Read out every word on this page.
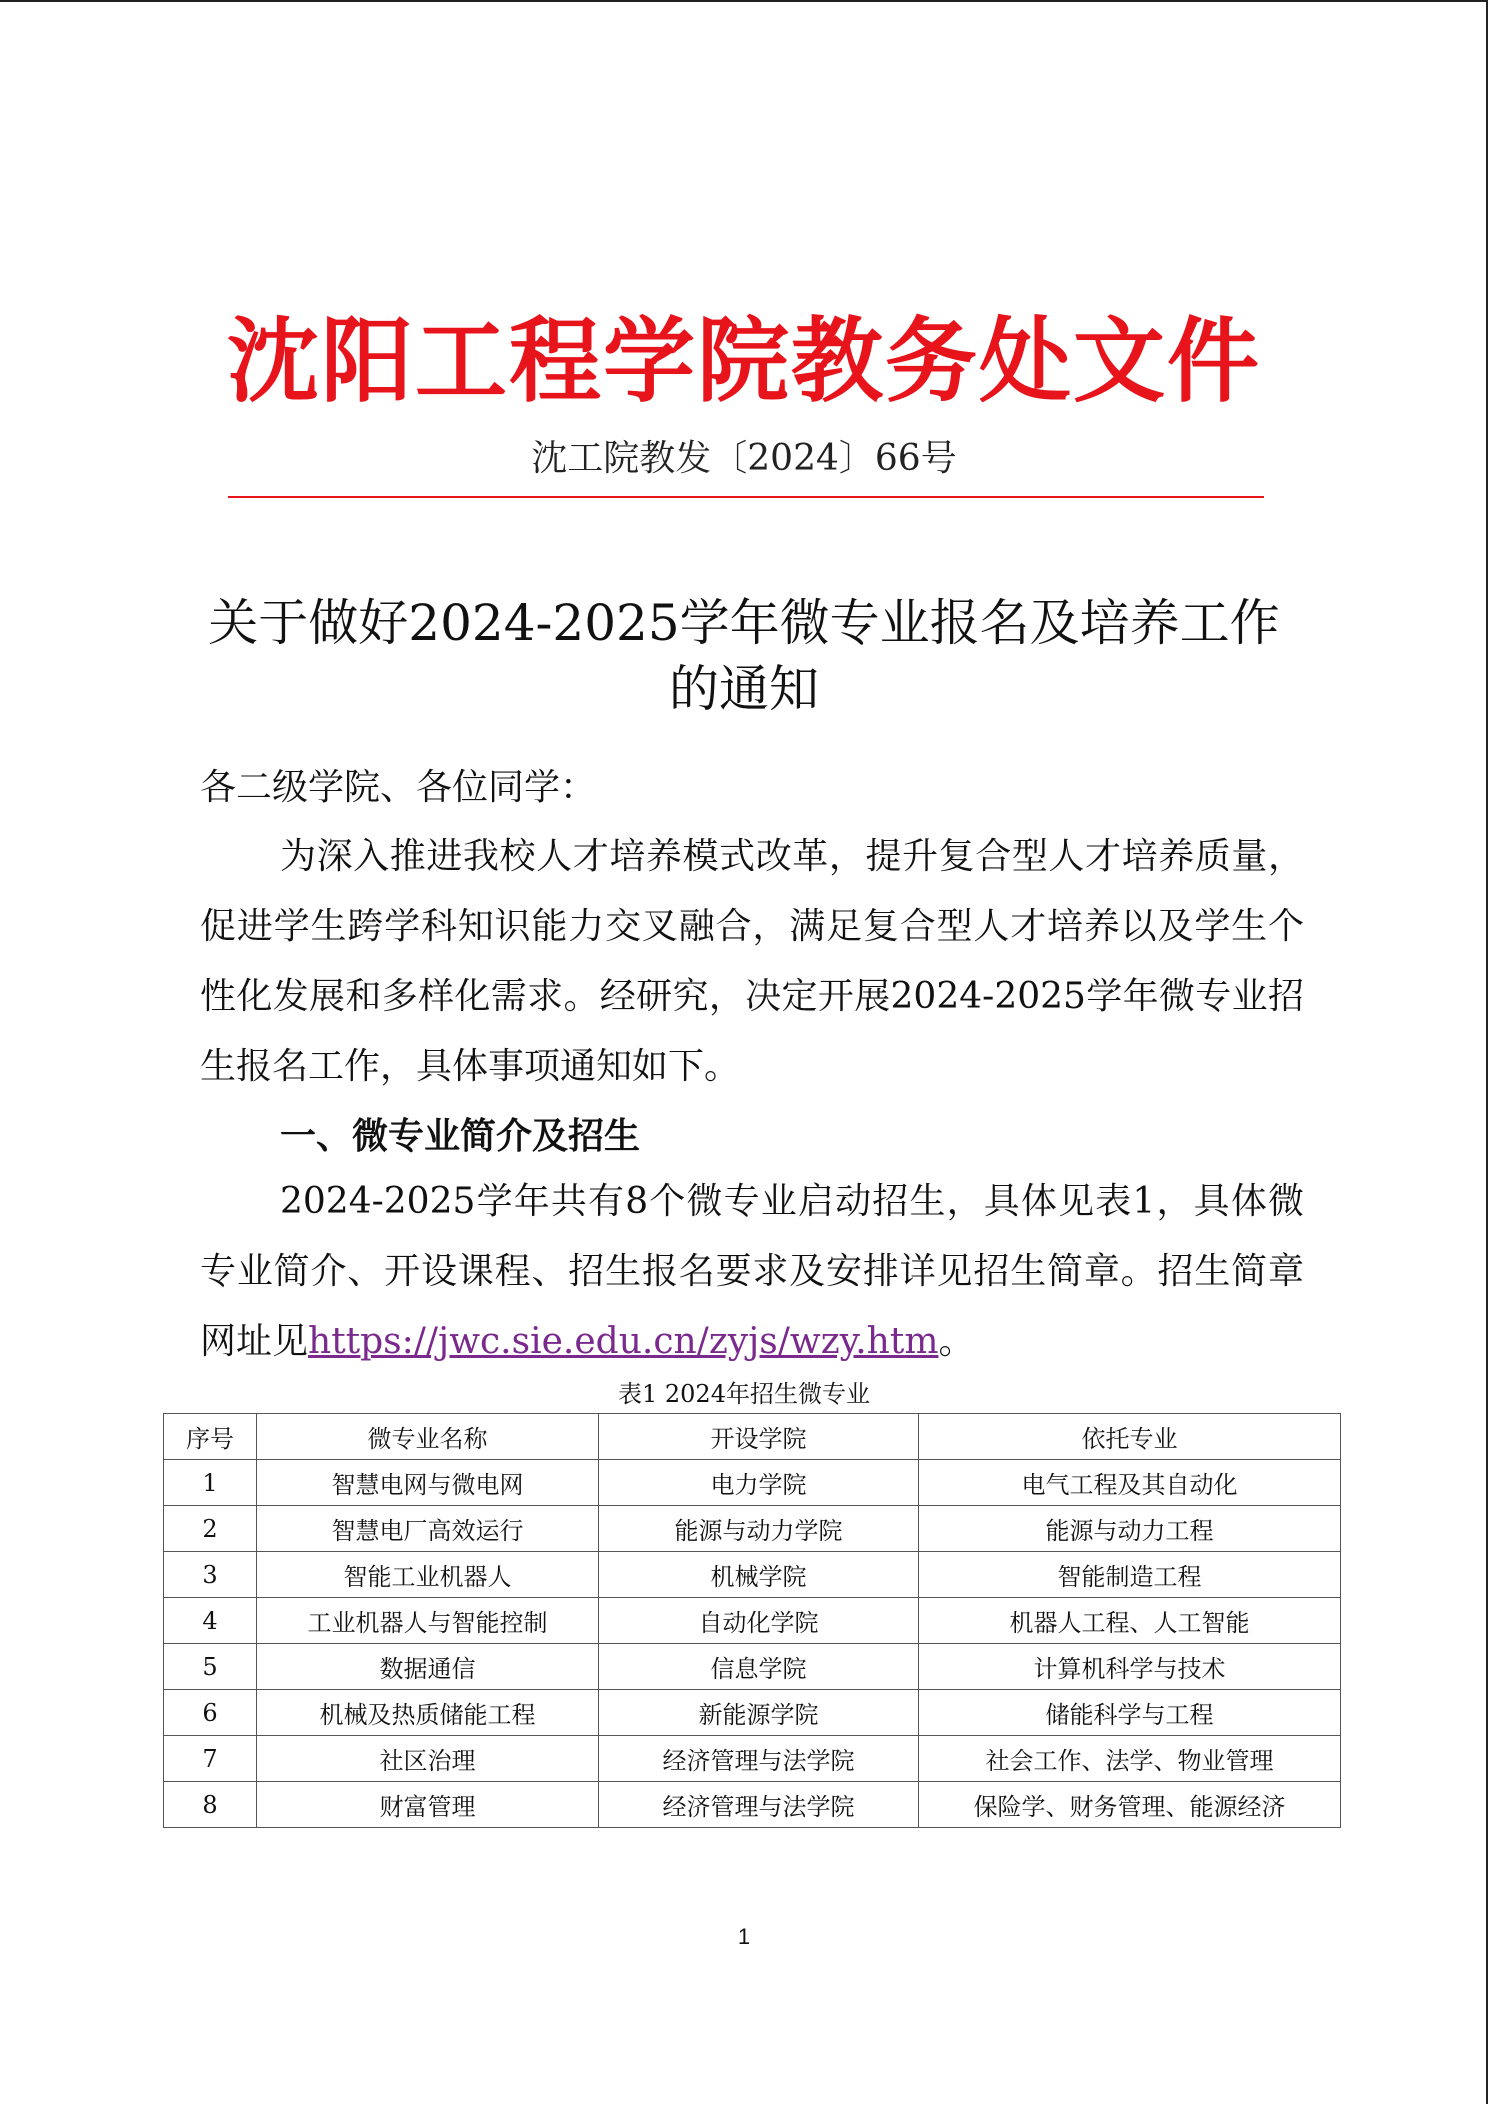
沈阳工程学院教务处文件
沈工院教发〔2024〕66号
关于做好2024-2025学年微专业报名及培养工作的通知
各二级学院、各位同学：
为深入推进我校人才培养模式改革，提升复合型人才培养质量，促进学生跨学科知识能力交叉融合，满足复合型人才培养以及学生个性化发展和多样化需求。经研究，决定开展2024-2025学年微专业招生报名工作，具体事项通知如下。
一、微专业简介及招生
2024-2025学年共有8个微专业启动招生，具体见表1，具体微专业简介、开设课程、招生报名要求及安排详见招生简章。招生简章网址见https://jwc.sie.edu.cn/zyjs/wzy.htm。
表1 2024年招生微专业
序号	微专业名称	开设学院	依托专业
1	智慧电网与微电网	电力学院	电气工程及其自动化
2	智慧电厂高效运行	能源与动力学院	能源与动力工程
3	智能工业机器人	机械学院	智能制造工程
4	工业机器人与智能控制	自动化学院	机器人工程、人工智能
5	数据通信	信息学院	计算机科学与技术
6	机械及热质储能工程	新能源学院	储能科学与工程
7	社区治理	经济管理与法学院	社会工作、法学、物业管理
8	财富管理	经济管理与法学院	保险学、财务管理、能源经济
1
